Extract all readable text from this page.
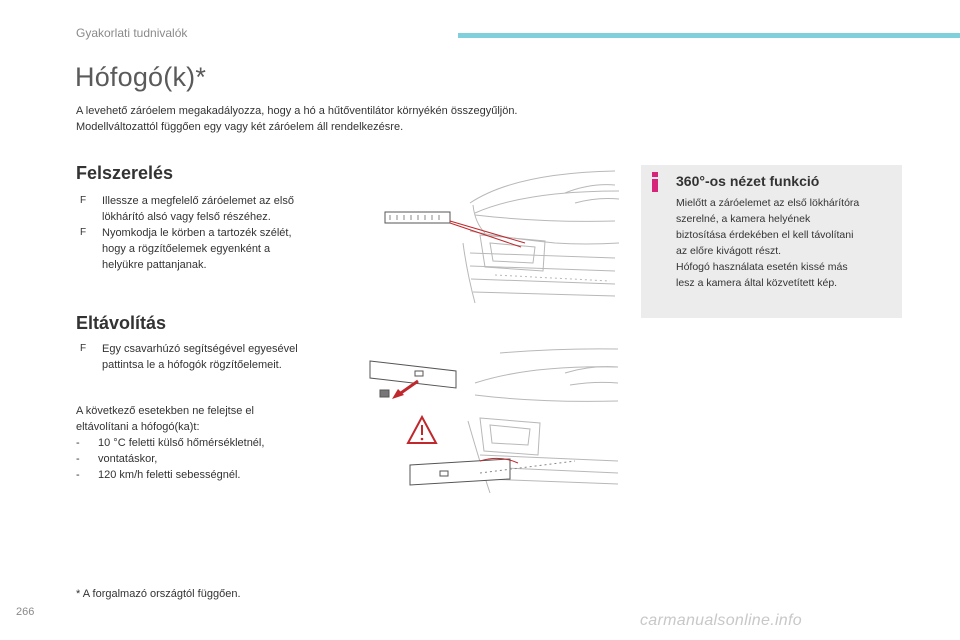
Gyakorlati tudnivalók
Hófogó(k)*
A levehető záróelem megakadályozza, hogy a hó a hűtőventilátor környékén összegyűljön.
Modellváltozattól függően egy vagy két záróelem áll rendelkezésre.
Felszerelés
F Illessze a megfelelő záróelemet az első
lökhárító alsó vagy felső részéhez.
F Nyomkodja le körben a tartozék szélét,
hogy a rögzítőelemek egyenként a
helyükre pattanjanak.
Eltávolítás
F Egy csavarhúzó segítségével egyesével
pattintsa le a hófogók rögzítőelemeit.
A következő esetekben ne felejtse el
eltávolítani a hófogó(ka)t:
- 10 °C feletti külső hőmérsékletnél,
- vontatáskor,
- 120 km/h feletti sebességnél.
360°-os nézet funkció
Mielőtt a záróelemet az első lökhárítóra
szerelné, a kamera helyének
biztosítása érdekében el kell távolítani
az előre kivágott részt.
Hófogó használata esetén kissé más
lesz a kamera által közvetített kép.
* A forgalmazó országtól függően.
266	carmanualsonline.info
